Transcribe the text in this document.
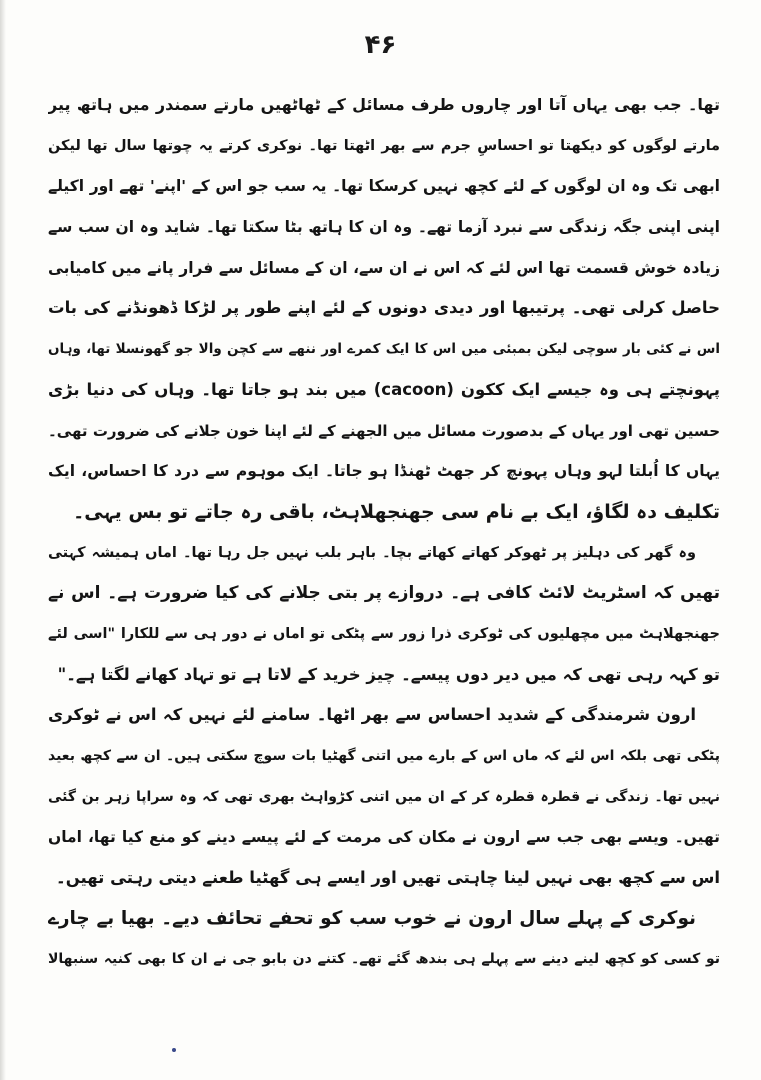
۴۶
تھا۔ جب بھی یہاں آتا اور چاروں طرف مسائل کے ٹھاٹھیں مارتے سمندر میں ہاتھ پیر
مارتے لوگوں کو دیکھتا تو احساسِ جرم سے بھر اٹھتا تھا۔ نوکری کرتے یہ چوتھا سال تھا لیکن
ابھی تک وہ ان لوگوں کے لئے کچھ نہیں کرسکا تھا۔ یہ سب جو اس کے 'اپنے' تھے اور اکیلے
اپنی اپنی جگہ زندگی سے نبرد آزما تھے۔ وہ ان کا ہاتھ بٹا سکتا تھا۔ شاید وہ ان سب سے
زیادہ خوش قسمت تھا اس لئے کہ اس نے ان سے، ان کے مسائل سے فرار پانے میں کامیابی
حاصل کرلی تھی۔ پرتیبھا اور دیدی دونوں کے لئے اپنے طور پر لڑکا ڈھونڈنے کی بات
اس نے کئی بار سوچی لیکن بمبئی میں اس کا ایک کمرے اور ننھے سے کچن والا جو گھونسلا تھا، وہاں
پہونچتے ہی وہ جیسے ایک ککون (cacoon) میں بند ہو جاتا تھا۔ وہاں کی دنیا بڑی
حسین تھی اور یہاں کے بدصورت مسائل میں الجھنے کے لئے اپنا خون جلانے کی ضرورت تھی۔
یہاں کا اُبلتا لہو وہاں پہونچ کر جھٹ ٹھنڈا ہو جاتا۔ ایک موہوم سے درد کا احساس، ایک
تکلیف دہ لگاؤ، ایک بے نام سی جھنجھلاہٹ، باقی رہ جاتے تو بس یہی۔
وہ گھر کی دہلیز پر ٹھوکر کھاتے کھاتے بچا۔ باہر بلب نہیں جل رہا تھا۔ اماں ہمیشہ کہتی
تھیں کہ اسٹریٹ لائٹ کافی ہے۔ دروازے پر بتی جلانے کی کیا ضرورت ہے۔ اس نے
جھنجھلاہٹ میں مچھلیوں کی ٹوکری ذرا زور سے پٹکی تو اماں نے دور ہی سے للکارا "اسی لئے
تو کہہ رہی تھی کہ میں دیر دوں پیسے۔ چیز خرید کے لاتا ہے تو تہاد کھانے لگتا ہے۔"
ارون شرمندگی کے شدید احساس سے بھر اٹھا۔ سامنے لئے نہیں کہ اس نے ٹوکری
پٹکی تھی بلکہ اس لئے کہ ماں اس کے بارے میں اتنی گھٹیا بات سوچ سکتی ہیں۔ ان سے کچھ بعید
نہیں تھا۔ زندگی نے قطرہ قطرہ کر کے ان میں اتنی کڑواہٹ بھری تھی کہ وہ سراپا زہر بن گئی
تھیں۔ ویسے بھی جب سے ارون نے مکان کی مرمت کے لئے پیسے دینے کو منع کیا تھا، اماں
اس سے کچھ بھی نہیں لینا چاہتی تھیں اور ایسے ہی گھٹیا طعنے دیتی رہتی تھیں۔
نوکری کے پہلے سال ارون نے خوب سب کو تحفے تحائف دیے۔ بھیا بے چارے
تو کسی کو کچھ لینے دینے سے پہلے ہی بندھ گئے تھے۔ کتنے دن بابو جی نے ان کا بھی کنیہ سنبھالا
